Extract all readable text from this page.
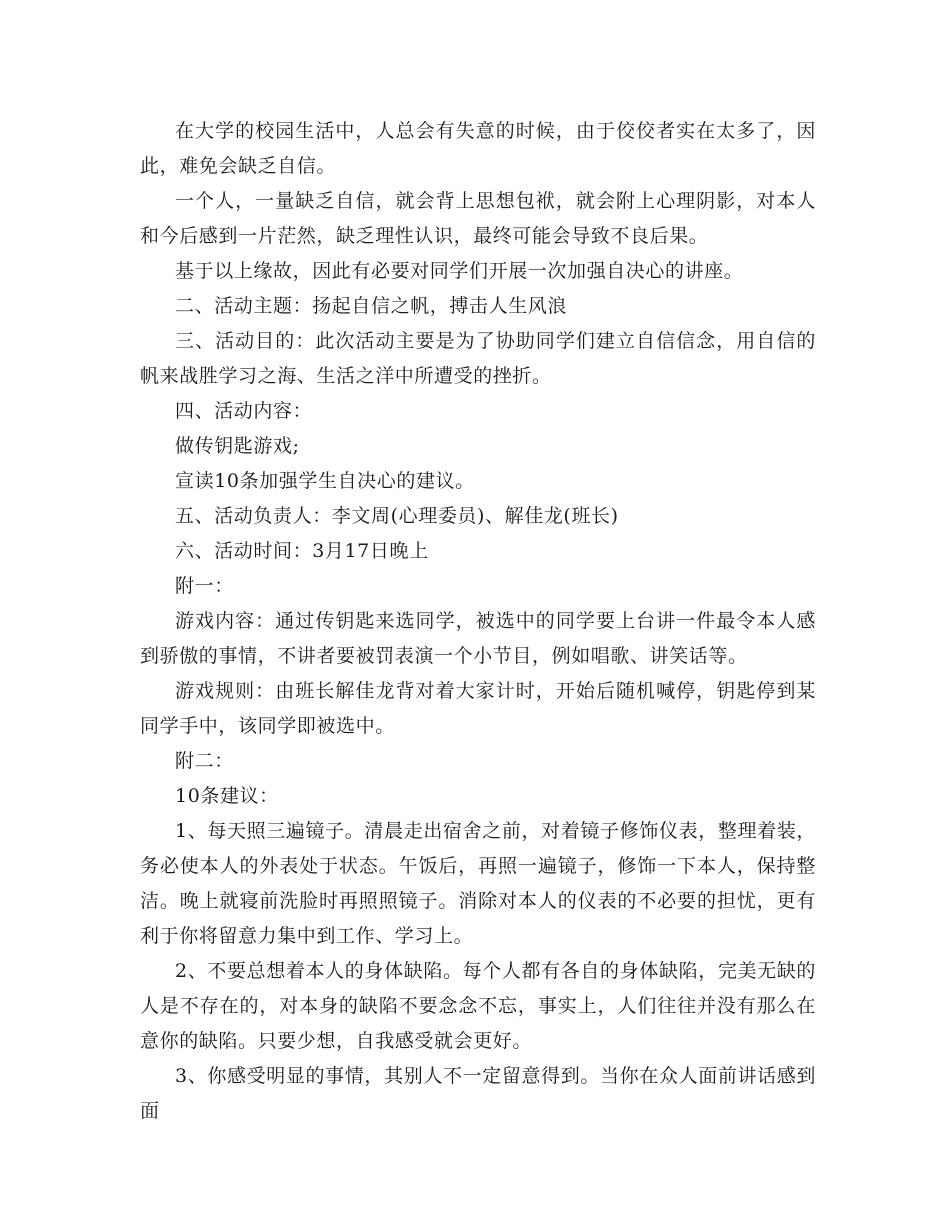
在大学的校园生活中，人总会有失意的时候，由于佼佼者实在太多了，因此，难免会缺乏自信。

一个人，一量缺乏自信，就会背上思想包袱，就会附上心理阴影，对本人和今后感到一片茫然，缺乏理性认识，最终可能会导致不良后果。

基于以上缘故，因此有必要对同学们开展一次加强自决心的讲座。

二、活动主题：扬起自信之帆，搏击人生风浪

三、活动目的：此次活动主要是为了协助同学们建立自信信念，用自信的帆来战胜学习之海、生活之洋中所遭受的挫折。

四、活动内容：

做传钥匙游戏;

宣读10条加强学生自决心的建议。

五、活动负责人：李文周(心理委员)、解佳龙(班长)

六、活动时间：3月17日晚上

附一：

游戏内容：通过传钥匙来选同学，被选中的同学要上台讲一件最令本人感到骄傲的事情，不讲者要被罚表演一个小节目，例如唱歌、讲笑话等。

游戏规则：由班长解佳龙背对着大家计时，开始后随机喊停，钥匙停到某同学手中，该同学即被选中。

附二：

10条建议：

1、每天照三遍镜子。清晨走出宿舍之前，对着镜子修饰仪表，整理着装，务必使本人的外表处于状态。午饭后，再照一遍镜子，修饰一下本人，保持整洁。晚上就寝前洗脸时再照照镜子。消除对本人的仪表的不必要的担忧，更有利于你将留意力集中到工作、学习上。

2、不要总想着本人的身体缺陷。每个人都有各自的身体缺陷，完美无缺的人是不存在的，对本身的缺陷不要念念不忘，事实上，人们往往并没有那么在意你的缺陷。只要少想，自我感受就会更好。

3、你感受明显的事情，其别人不一定留意得到。当你在众人面前讲话感到面
